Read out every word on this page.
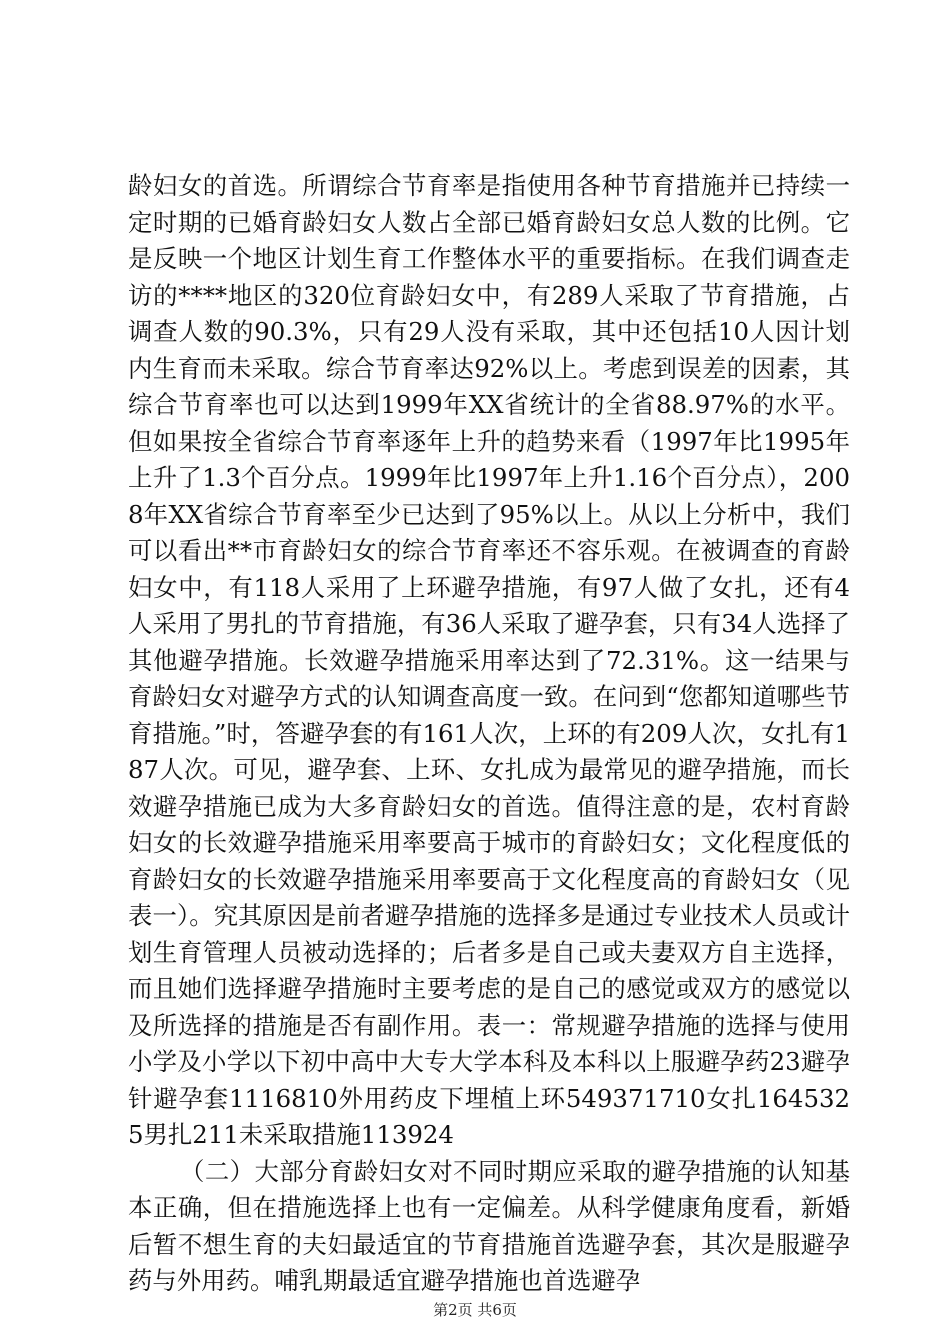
龄妇女的首选。所谓综合节育率是指使用各种节育措施并已持续一定时期的已婚育龄妇女人数占全部已婚育龄妇女总人数的比例。它是反映一个地区计划生育工作整体水平的重要指标。在我们调查走访的****地区的320位育龄妇女中，有289人采取了节育措施，占调查人数的90.3%，只有29人没有采取，其中还包括10人因计划内生育而未采取。综合节育率达92%以上。考虑到误差的因素，其综合节育率也可以达到1999年XX省统计的全省88.97%的水平。但如果按全省综合节育率逐年上升的趋势来看（1997年比1995年上升了1.3个百分点。1999年比1997年上升1.16个百分点），2008年XX省综合节育率至少已达到了95%以上。从以上分析中，我们可以看出**市育龄妇女的综合节育率还不容乐观。在被调查的育龄妇女中，有118人采用了上环避孕措施，有97人做了女扎，还有4人采用了男扎的节育措施，有36人采取了避孕套，只有34人选择了其他避孕措施。长效避孕措施采用率达到了72.31%。这一结果与育龄妇女对避孕方式的认知调查高度一致。在问到“您都知道哪些节育措施。”时，答避孕套的有161人次，上环的有209人次，女扎有187人次。可见，避孕套、上环、女扎成为最常见的避孕措施，而长效避孕措施已成为大多育龄妇女的首选。值得注意的是，农村育龄妇女的长效避孕措施采用率要高于城市的育龄妇女；文化程度低的育龄妇女的长效避孕措施采用率要高于文化程度高的育龄妇女（见表一）。究其原因是前者避孕措施的选择多是通过专业技术人员或计划生育管理人员被动选择的；后者多是自己或夫妻双方自主选择，而且她们选择避孕措施时主要考虑的是自己的感觉或双方的感觉以及所选择的措施是否有副作用。表一：常规避孕措施的选择与使用小学及小学以下初中高中大专大学本科及本科以上服避孕药23避孕针避孕套1116810外用药皮下埋植上环549371710女扎1645325男扎211未采取措施113924

（二）大部分育龄妇女对不同时期应采取的避孕措施的认知基本正确，但在措施选择上也有一定偏差。从科学健康角度看，新婚后暂不想生育的夫妇最适宜的节育措施首选避孕套，其次是服避孕药与外用药。哺乳期最适宜避孕措施也首选避孕

第2页 共6页
